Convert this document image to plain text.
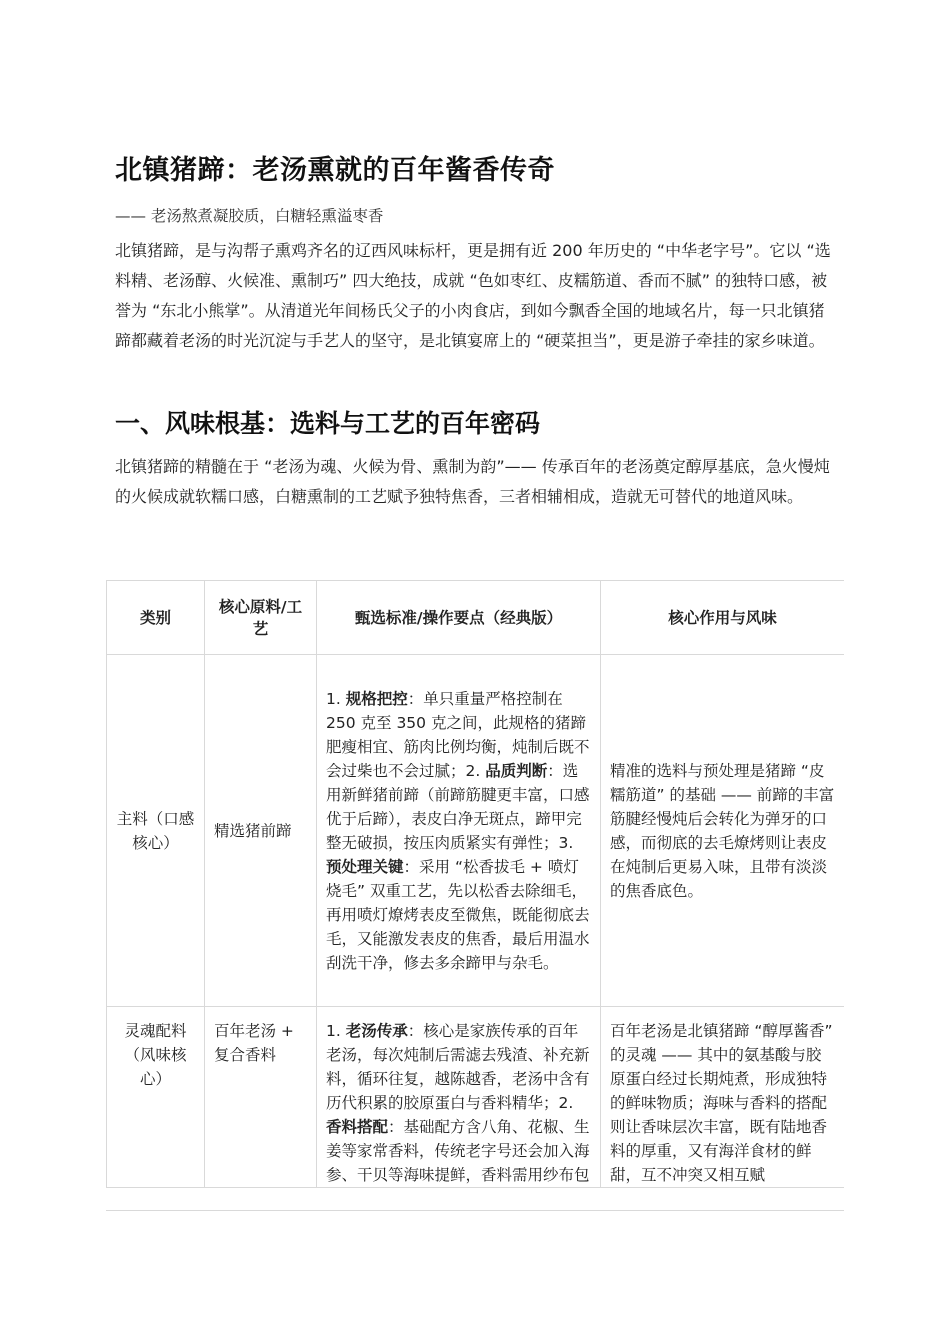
北镇猪蹄：老汤熏就的百年酱香传奇

—— 老汤熬煮凝胶质，白糖轻熏溢枣香

北镇猪蹄，是与沟帮子熏鸡齐名的辽西风味标杆，更是拥有近 200 年历史的 “中华老字号”。它以 “选料精、老汤醇、火候准、熏制巧” 四大绝技，成就 “色如枣红、皮糯筋道、香而不腻” 的独特口感，被誉为 “东北小熊掌”。从清道光年间杨氏父子的小肉食店，到如今飘香全国的地域名片，每一只北镇猪蹄都藏着老汤的时光沉淀与手艺人的坚守，是北镇宴席上的 “硬菜担当”，更是游子牵挂的家乡味道。

一、风味根基：选料与工艺的百年密码

北镇猪蹄的精髓在于 “老汤为魂、火候为骨、熏制为韵”—— 传承百年的老汤奠定醇厚基底，急火慢炖的火候成就软糯口感，白糖熏制的工艺赋予独特焦香，三者相辅相成，造就无可替代的地道风味。

类别	核心原料/工艺	甄选标准/操作要点（经典版）	核心作用与风味
主料（口感核心）	精选猪前蹄	1. 规格把控：单只重量严格控制在 250 克至 350 克之间，此规格的猪蹄肥瘦相宜、筋肉比例均衡，炖制后既不会过柴也不会过腻；2. 品质判断：选用新鲜猪前蹄（前蹄筋腱更丰富，口感优于后蹄），表皮白净无斑点，蹄甲完整无破损，按压肉质紧实有弹性；3. 预处理关键：采用 “松香拔毛 + 喷灯烧毛” 双重工艺，先以松香去除细毛，再用喷灯燎烤表皮至微焦，既能彻底去毛，又能激发表皮的焦香，最后用温水刮洗干净，修去多余蹄甲与杂毛。	精准的选料与预处理是猪蹄 “皮糯筋道” 的基础 —— 前蹄的丰富筋腱经慢炖后会转化为弹牙的口感，而彻底的去毛燎烤则让表皮在炖制后更易入味，且带有淡淡的焦香底色。
灵魂配料（风味核心）	百年老汤 + 复合香料	1. 老汤传承：核心是家族传承的百年老汤，每次炖制后需滤去残渣、补充新料，循环往复，越陈越香，老汤中含有历代积累的胶原蛋白与香料精华；2. 香料搭配：基础配方含八角、花椒、生姜等家常香料，传统老字号还会加入海参、干贝等海味提鲜，香料需用纱布包	百年老汤是北镇猪蹄 “醇厚酱香” 的灵魂 —— 其中的氨基酸与胶原蛋白经过长期炖煮，形成独特的鲜味物质；海味与香料的搭配则让香味层次丰富，既有陆地香料的厚重，又有海洋食材的鲜甜，互不冲突又相互赋
